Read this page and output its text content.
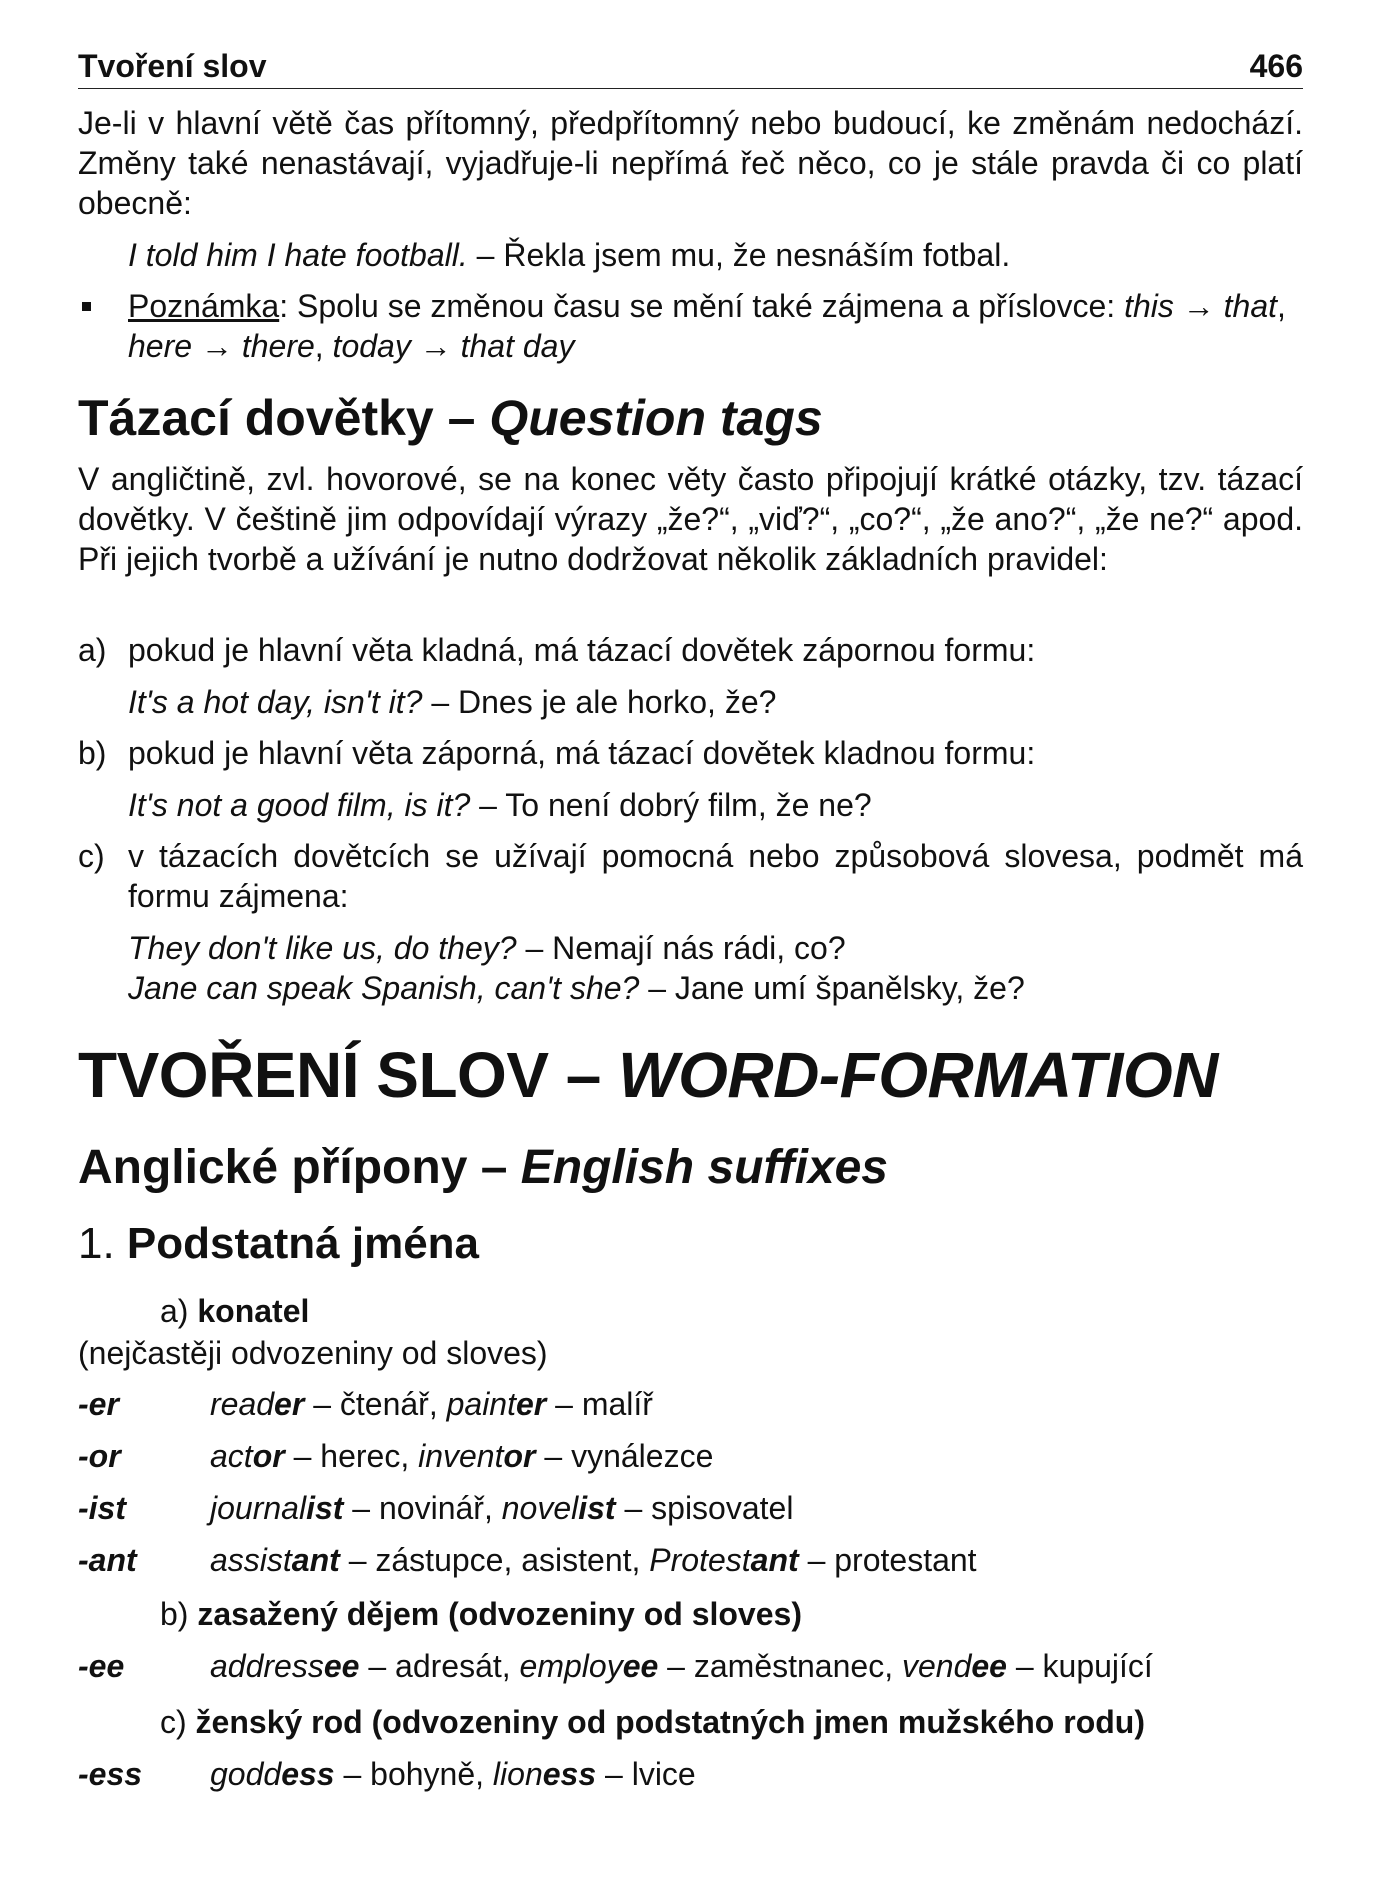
Tvoření slov	466
Je-li v hlavní větě čas přítomný, předpřítomný nebo budoucí, ke změnám nedochází. Změny také nenastávají, vyjadřuje-li nepřímá řeč něco, co je stále pravda či co platí obecně:
I told him I hate football. – Řekla jsem mu, že nesnáším fotbal.
Poznámka: Spolu se změnou času se mění také zájmena a příslovce: this → that, here → there, today → that day
Tázací dovětky – Question tags
V angličtině, zvl. hovorové, se na konec věty často připojují krátké otázky, tzv. tázací dovětky. V češtině jim odpovídají výrazy „že?“, „viď?“, „co?“, „že ano?“, „že ne?“ apod. Při jejich tvorbě a užívání je nutno dodržovat několik základních pravidel:
a) pokud je hlavní věta kladná, má tázací dovětek zápornou formu:
It's a hot day, isn't it? – Dnes je ale horko, že?
b) pokud je hlavní věta záporná, má tázací dovětek kladnou formu:
It's not a good film, is it? – To není dobrý film, že ne?
c) v tázacích dovětcích se užívají pomocná nebo způsobová slovesa, podmět má formu zájmena:
They don't like us, do they? – Nemají nás rádi, co?
Jane can speak Spanish, can't she? – Jane umí španělsky, že?
TVOŘENÍ SLOV – WORD-FORMATION
Anglické přípony – English suffixes
1. Podstatná jména
a) konatel
(nejčastěji odvozeniny od sloves)
-er	reader – čtenář, painter – malíř
-or	actor – herec, inventor – vynálezce
-ist	journalist – novinář, novelist – spisovatel
-ant assistant – zástupce, asistent, Protestant – protestant
b) zasažený dějem (odvozeniny od sloves)
-ee	addressee – adresát, employee – zaměstnanec, vendee – kupující
c) ženský rod (odvozeniny od podstatných jmen mužského rodu)
-ess goddess – bohyně, lioness – lvice
